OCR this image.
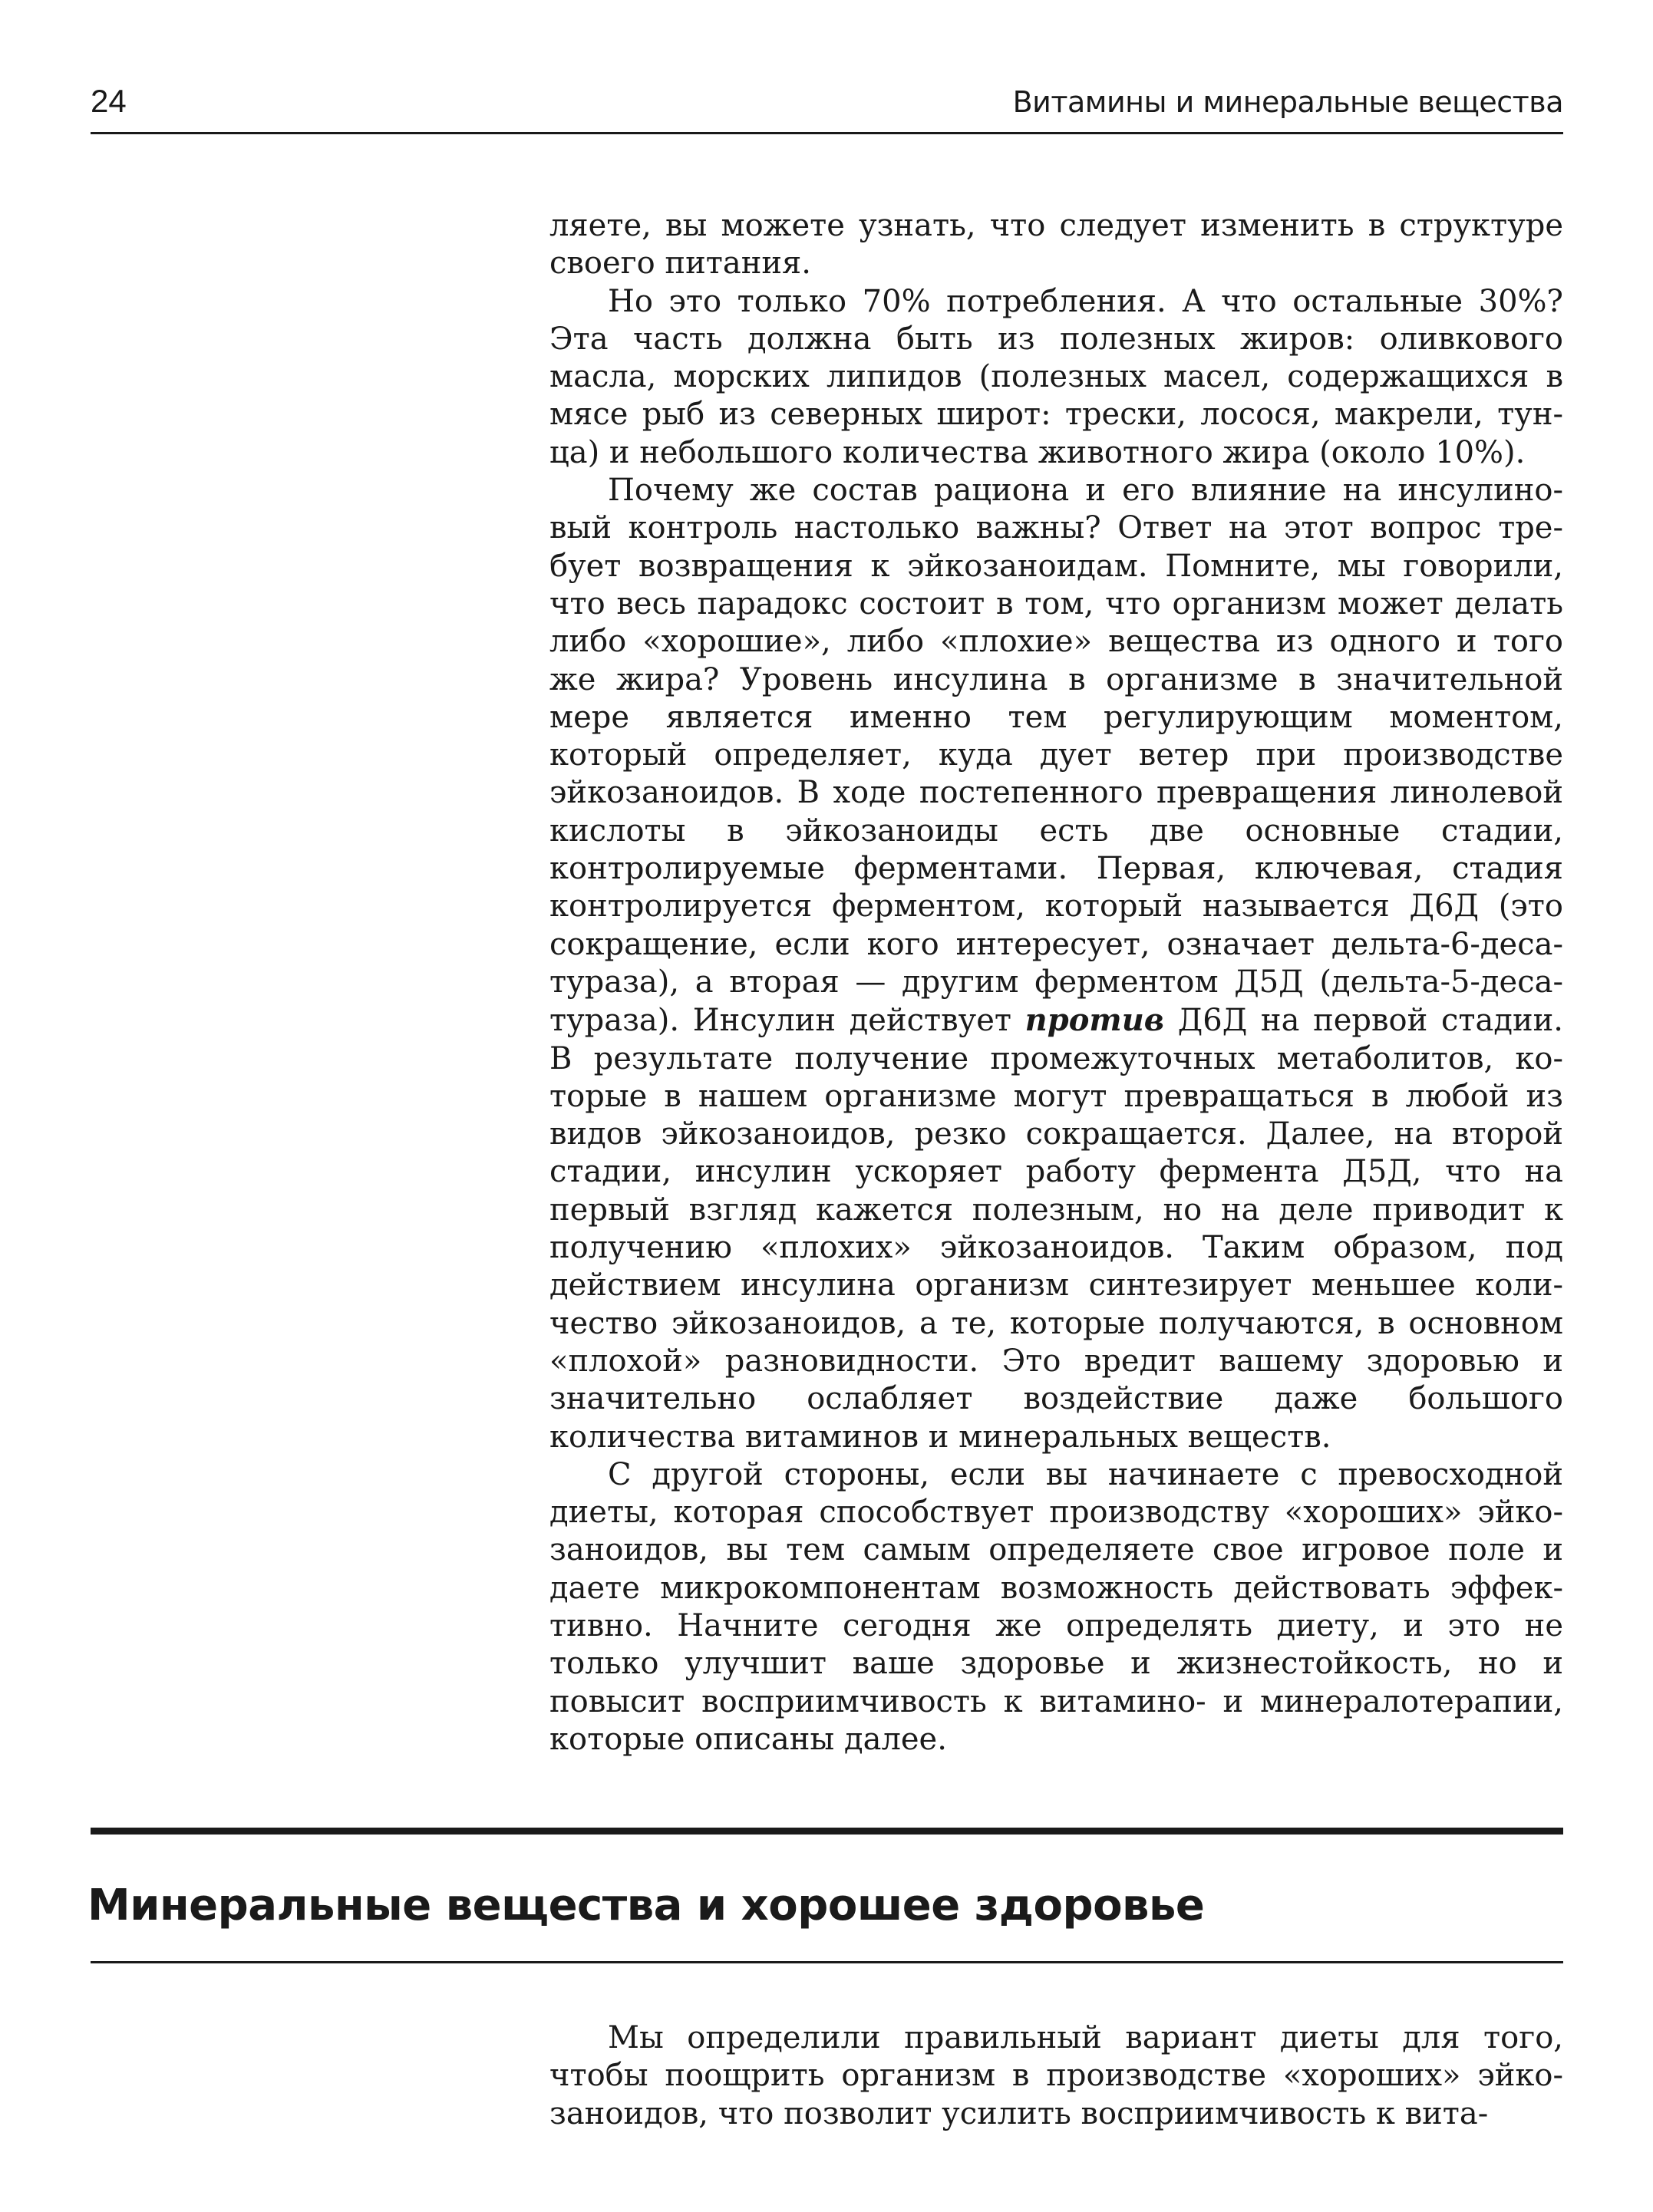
24	Витамины и минеральные вещества

ляете, вы можете узнать, что следует изменить в структуре своего питания.

Но это только 70% потребления. А что остальные 30%? Эта часть должна быть из полезных жиров: оливкового масла, морских липидов (полезных масел, содержащихся в мясе рыб из северных широт: трески, лосося, макрели, тунца) и небольшого количества животного жира (около 10%).

Почему же состав рациона и его влияние на инсулиновый контроль настолько важны? Ответ на этот вопрос требует возвращения к эйкозаноидам. Помните, мы говорили, что весь парадокс состоит в том, что организм может делать либо «хорошие», либо «плохие» вещества из одного и того же жира? Уровень инсулина в организме в значительной мере является именно тем регулирующим моментом, который определяет, куда дует ветер при производстве эйкозаноидов. В ходе постепенного превращения линолевой кислоты в эйкозаноиды есть две основные стадии, контролируемые ферментами. Первая, ключевая, стадия контролируется ферментом, который называется Д6Д (это сокращение, если кого интересует, означает дельта-6-десатураза), а вторая — другим ферментом Д5Д (дельта-5-десатураза). Инсулин действует против Д6Д на первой стадии. В результате получение промежуточных метаболитов, которые в нашем организме могут превращаться в любой из видов эйкозаноидов, резко сокращается. Далее, на второй стадии, инсулин ускоряет работу фермента Д5Д, что на первый взгляд кажется полезным, но на деле приводит к получению «плохих» эйкозаноидов. Таким образом, под действием инсулина организм синтезирует меньшее количество эйкозаноидов, а те, которые получаются, в основном «плохой» разновидности. Это вредит вашему здоровью и значительно ослабляет воздействие даже большого количества витаминов и минеральных веществ.

С другой стороны, если вы начинаете с превосходной диеты, которая способствует производству «хороших» эйкозаноидов, вы тем самым определяете свое игровое поле и даете микрокомпонентам возможность действовать эффективно. Начните сегодня же определять диету, и это не только улучшит ваше здоровье и жизнестойкость, но и повысит восприимчивость к витамино- и минералотерапии, которые описаны далее.

Минеральные вещества и хорошее здоровье

Мы определили правильный вариант диеты для того, чтобы поощрить организм в производстве «хороших» эйкозаноидов, что позволит усилить восприимчивость к вита-
